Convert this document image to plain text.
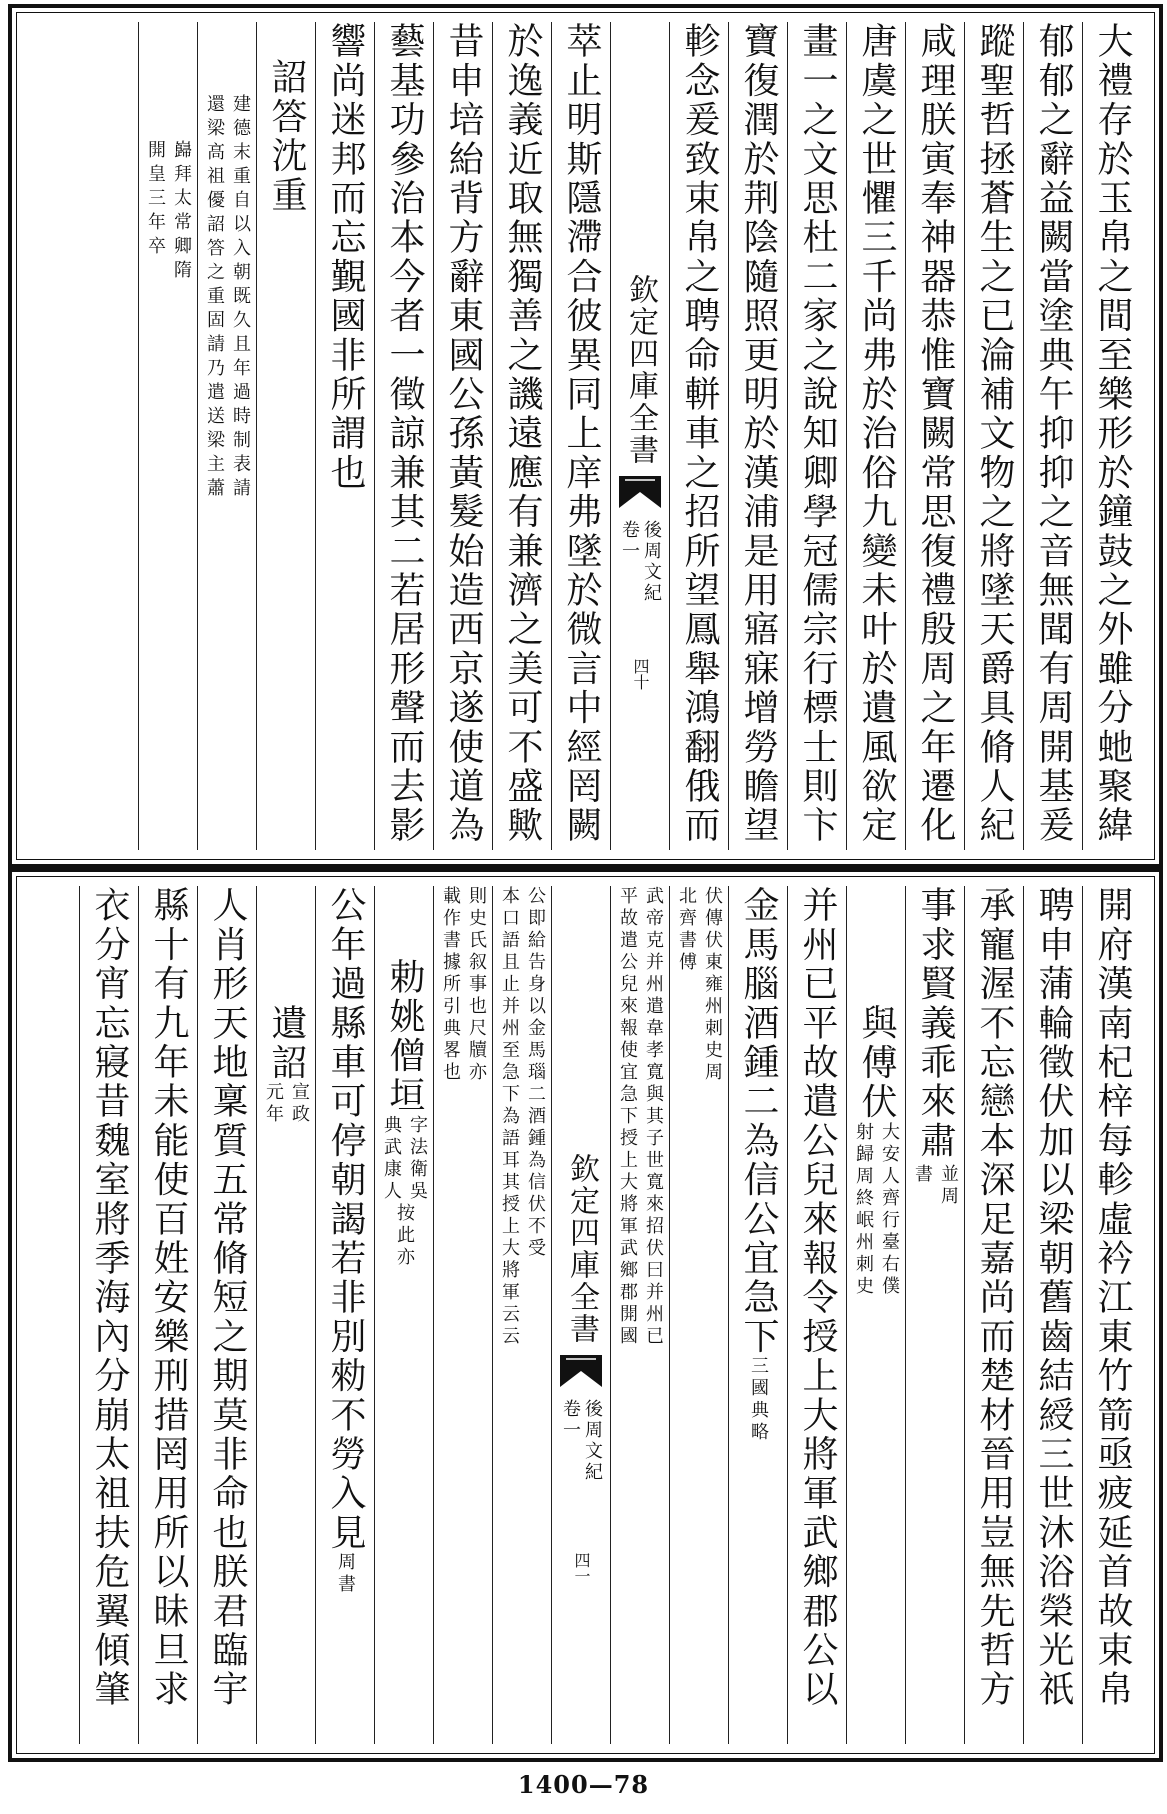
大禮存於玉帛之間至樂形於鐘鼓之外雖分虵聚緯
郁郁之辭益闕當塗典午抑抑之音無聞有周開基爰
蹤聖哲拯蒼生之已淪補文物之將墜天爵具脩人紀
咸理朕寅奉神器恭惟寶闕常思復禮殷周之年遷化
唐虞之世懼三千尚弗於治俗九變未叶於遺風欲定
畫一之文思杜二家之說知卿學冠儒宗行標士則卞
寶復潤於荆陰隨照更明於漢浦是用寤寐增勞瞻望
軫念爰致束帛之聘命軿車之招所望鳳舉鴻翻俄而
欽定四庫全書
後周文紀
卷一
四十
萃止明斯隱滯合彼異同上庠弗墜於微言中經罔闕
於逸義近取無獨善之譏遠應有兼濟之美可不盛歟
昔申培紿背方辭東國公孫黃髮始造西京遂使道為
藝基功參治本今者一徵諒兼其二若居形聲而去影
響尚迷邦而忘覲國非所謂也
詔答沈重
建德末重自以入朝既久且年過時制表請
還梁高祖優詔答之重固請乃遣送梁主蕭
巋拜太常卿隋
開皇三年卒
開府漢南杞梓每軫虛衿江東竹箭亟疲延首故束帛
聘申蒲輪徵伏加以梁朝舊齒結綬三世沐浴榮光祇
承寵渥不忘戀本深足嘉尚而楚材晉用豈無先哲方
事求賢義乖來肅
並周
書
與傅伏
大安人齊行臺右僕
射歸周終岷州刺史
并州已平故遣公兒來報令授上大將軍武鄉郡公以
金馬腦酒鍾二為信公宜急下
三國典略
伏傳伏東雍州刺史周
北齊書傅
武帝克并州遣韋孝寬與其子世寬來招伏曰并州已
平故遣公兒來報使宜急下授上大將軍武鄉郡開國
欽定四庫全書
後周文紀
卷一
四一
公即給告身以金馬瑙二酒鍾為信伏不受
本口語且止并州至急下為語耳其授上大將軍云云
則史氏叙事也尺牘亦
載作書據所引典畧也
勅姚僧垣
字法衛吳
典武康人
按此亦
公年過縣車可停朝謁若非別勑不勞入見
周書
遺詔
宣政
元年
人肖形天地稟質五常脩短之期莫非命也朕君臨宇
縣十有九年未能使百姓安樂刑措罔用所以昧旦求
衣分宵忘寢昔魏室將季海內分崩太祖扶危翼傾肇
1400—78
